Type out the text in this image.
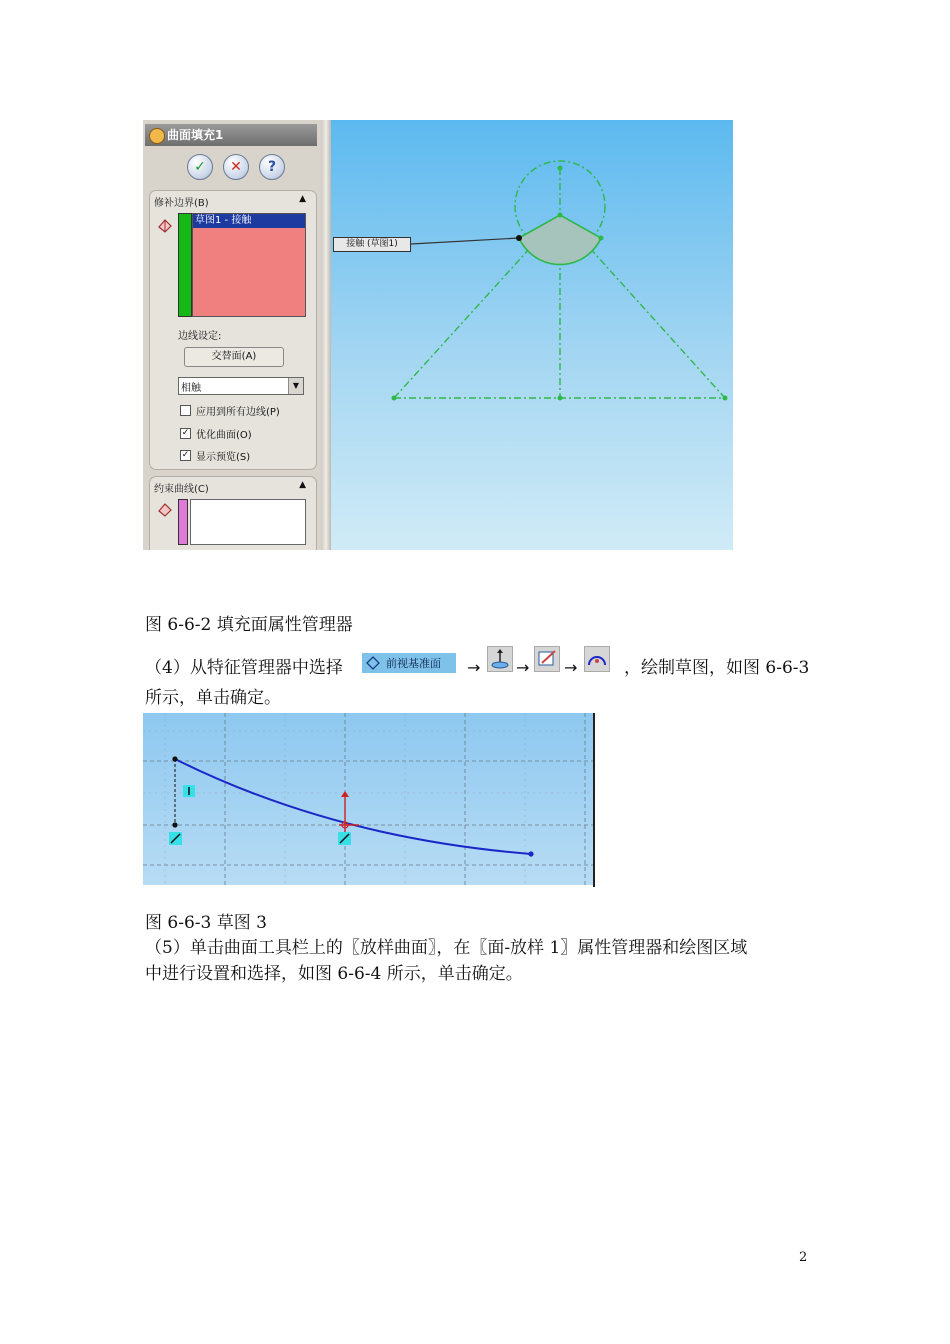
曲面填充1
✓	✕	?
修补边界(B)	▲
草图1 - 接触
边线设定:
交替面(A)
相触	▼
应用到所有边线(P)
✓ 优化曲面(O)
✓ 显示预览(S)
约束曲线(C)	▲
接触 (草图1)
图 6-6-2 填充面属性管理器
（4）从特征管理器中选择	前视基准面 → → →	，绘制草图，如图 6-6-3
所示，单击确定。
图 6-6-3 草图 3
（5）单击曲面工具栏上的〖放样曲面〗，在〖面-放样 1〗属性管理器和绘图区域
中进行设置和选择，如图 6-6-4 所示，单击确定。
2
